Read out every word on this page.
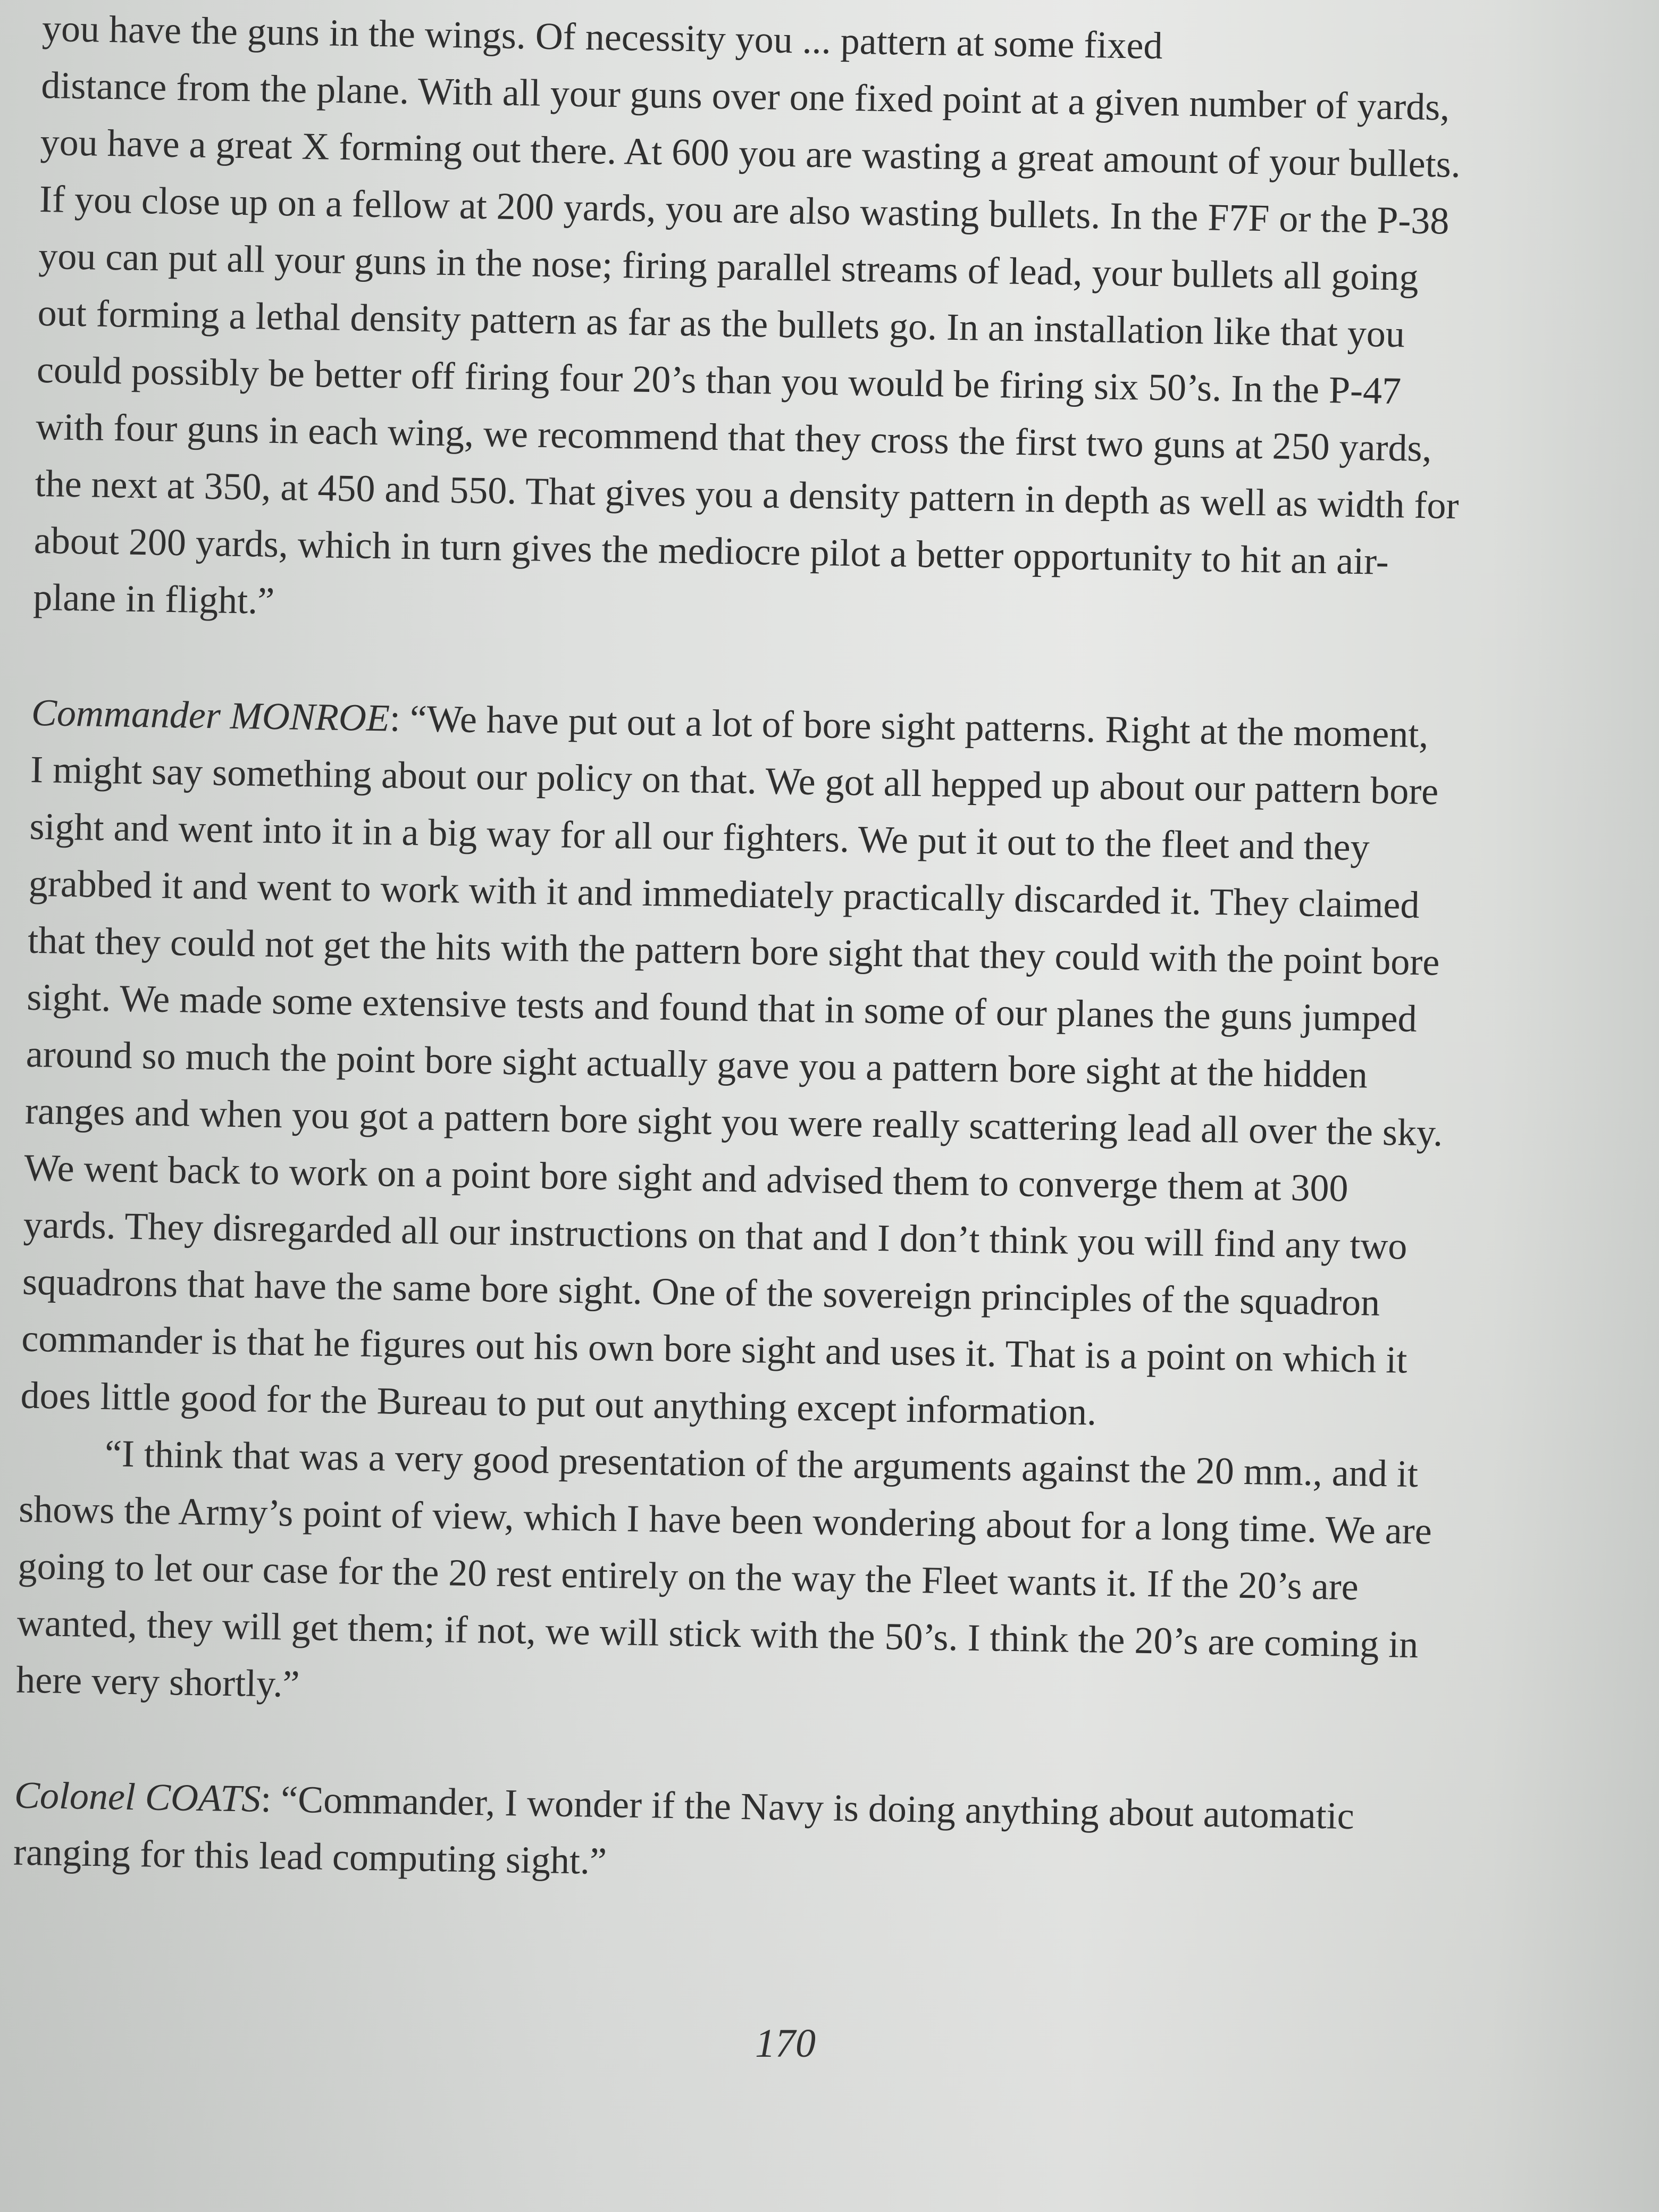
you have the guns in the wings. Of necessity you ... pattern at some fixed
distance from the plane. With all your guns over one fixed point at a given number of yards,
you have a great X forming out there. At 600 you are wasting a great amount of your bullets.
If you close up on a fellow at 200 yards, you are also wasting bullets. In the F7F or the P-38
you can put all your guns in the nose; firing parallel streams of lead, your bullets all going
out forming a lethal density pattern as far as the bullets go. In an installation like that you
could possibly be better off firing four 20’s than you would be firing six 50’s. In the P-47
with four guns in each wing, we recommend that they cross the first two guns at 250 yards,
the next at 350, at 450 and 550. That gives you a density pattern in depth as well as width for
about 200 yards, which in turn gives the mediocre pilot a better opportunity to hit an air-
plane in flight.”
Commander MONROE: “We have put out a lot of bore sight patterns. Right at the moment,
I might say something about our policy on that. We got all hepped up about our pattern bore
sight and went into it in a big way for all our fighters. We put it out to the fleet and they
grabbed it and went to work with it and immediately practically discarded it. They claimed
that they could not get the hits with the pattern bore sight that they could with the point bore
sight. We made some extensive tests and found that in some of our planes the guns jumped
around so much the point bore sight actually gave you a pattern bore sight at the hidden
ranges and when you got a pattern bore sight you were really scattering lead all over the sky.
We went back to work on a point bore sight and advised them to converge them at 300
yards. They disregarded all our instructions on that and I don’t think you will find any two
squadrons that have the same bore sight. One of the sovereign principles of the squadron
commander is that he figures out his own bore sight and uses it. That is a point on which it
does little good for the Bureau to put out anything except information.
“I think that was a very good presentation of the arguments against the 20 mm., and it
shows the Army’s point of view, which I have been wondering about for a long time. We are
going to let our case for the 20 rest entirely on the way the Fleet wants it. If the 20’s are
wanted, they will get them; if not, we will stick with the 50’s. I think the 20’s are coming in
here very shortly.”
Colonel COATS: “Commander, I wonder if the Navy is doing anything about automatic
ranging for this lead computing sight.”
170
